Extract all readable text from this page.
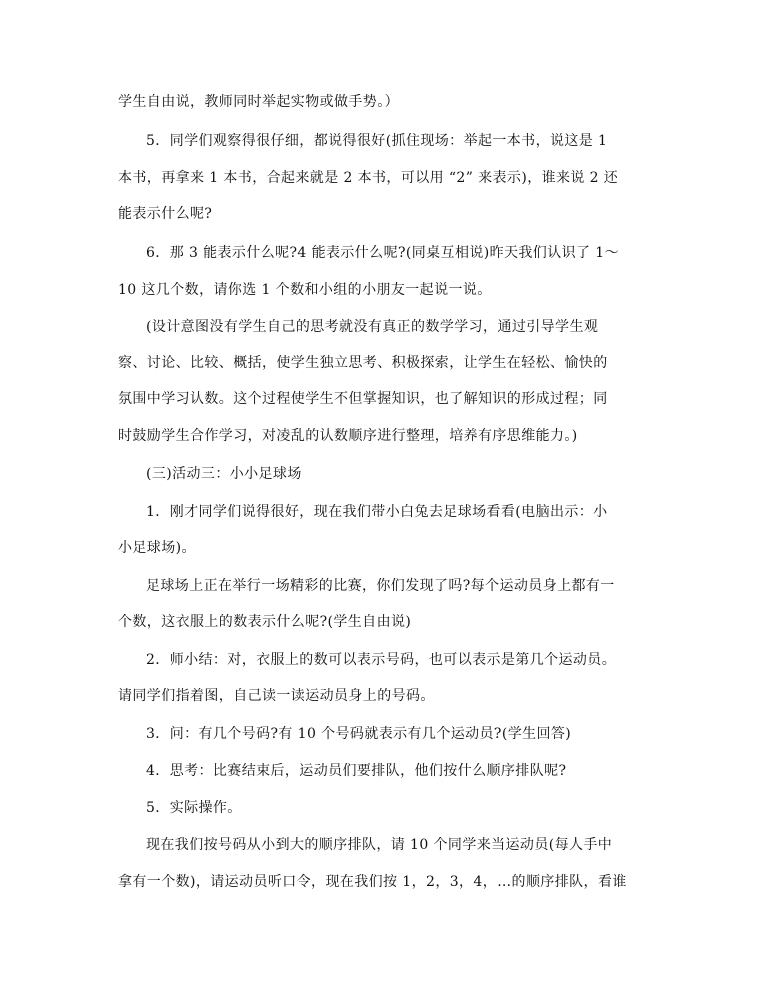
学生自由说，教师同时举起实物或做手势。）
5．同学们观察得很仔细，都说得很好(抓住现场：举起一本书，说这是 1
本书，再拿来 1 本书，合起来就是 2 本书，可以用 “2” 来表示)，谁来说 2 还
能表示什么呢?
6．那 3 能表示什么呢?4 能表示什么呢?(同桌互相说)昨天我们认识了 1～
10 这几个数，请你选 1 个数和小组的小朋友一起说一说。
(设计意图没有学生自己的思考就没有真正的数学学习，通过引导学生观
察、讨论、比较、概括，使学生独立思考、积极探索，让学生在轻松、愉快的
氛围中学习认数。这个过程使学生不但掌握知识，也了解知识的形成过程；同
时鼓励学生合作学习，对凌乱的认数顺序进行整理，培养有序思维能力。)
(三)活动三：小小足球场
1．刚才同学们说得很好，现在我们带小白兔去足球场看看(电脑出示：小
小足球场)。
足球场上正在举行一场精彩的比赛，你们发现了吗?每个运动员身上都有一
个数，这衣服上的数表示什么呢?(学生自由说)
2．师小结：对，衣服上的数可以表示号码，也可以表示是第几个运动员。
请同学们指着图，自己读一读运动员身上的号码。
3．问：有几个号码?有 10 个号码就表示有几个运动员?(学生回答)
4．思考：比赛结束后，运动员们要排队，他们按什么顺序排队呢?
5．实际操作。
现在我们按号码从小到大的顺序排队，请 10 个同学来当运动员(每人手中
拿有一个数)，请运动员听口令，现在我们按 1，2，3，4，…的顺序排队，看谁
